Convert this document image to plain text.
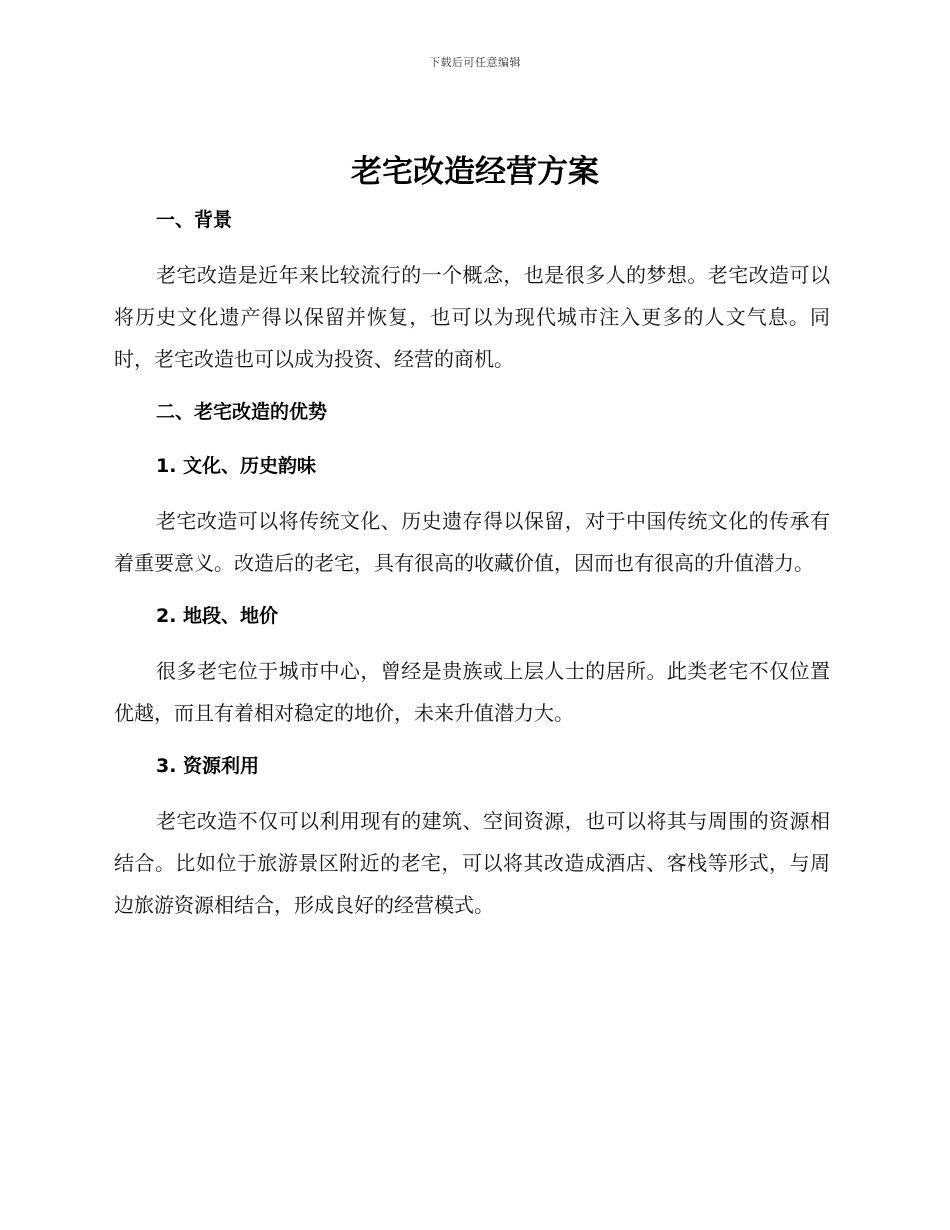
下载后可任意编辑
老宅改造经营方案
一、背景

老宅改造是近年来比较流行的一个概念，也是很多人的梦想。老宅改造可以将历史文化遗产得以保留并恢复，也可以为现代城市注入更多的人文气息。同时，老宅改造也可以成为投资、经营的商机。

二、老宅改造的优势
1. 文化、历史韵味

老宅改造可以将传统文化、历史遗存得以保留，对于中国传统文化的传承有着重要意义。改造后的老宅，具有很高的收藏价值，因而也有很高的升值潜力。

2. 地段、地价

很多老宅位于城市中心，曾经是贵族或上层人士的居所。此类老宅不仅位置优越，而且有着相对稳定的地价，未来升值潜力大。

3. 资源利用

老宅改造不仅可以利用现有的建筑、空间资源，也可以将其与周围的资源相结合。比如位于旅游景区附近的老宅，可以将其改造成酒店、客栈等形式，与周边旅游资源相结合，形成良好的经营模式。
